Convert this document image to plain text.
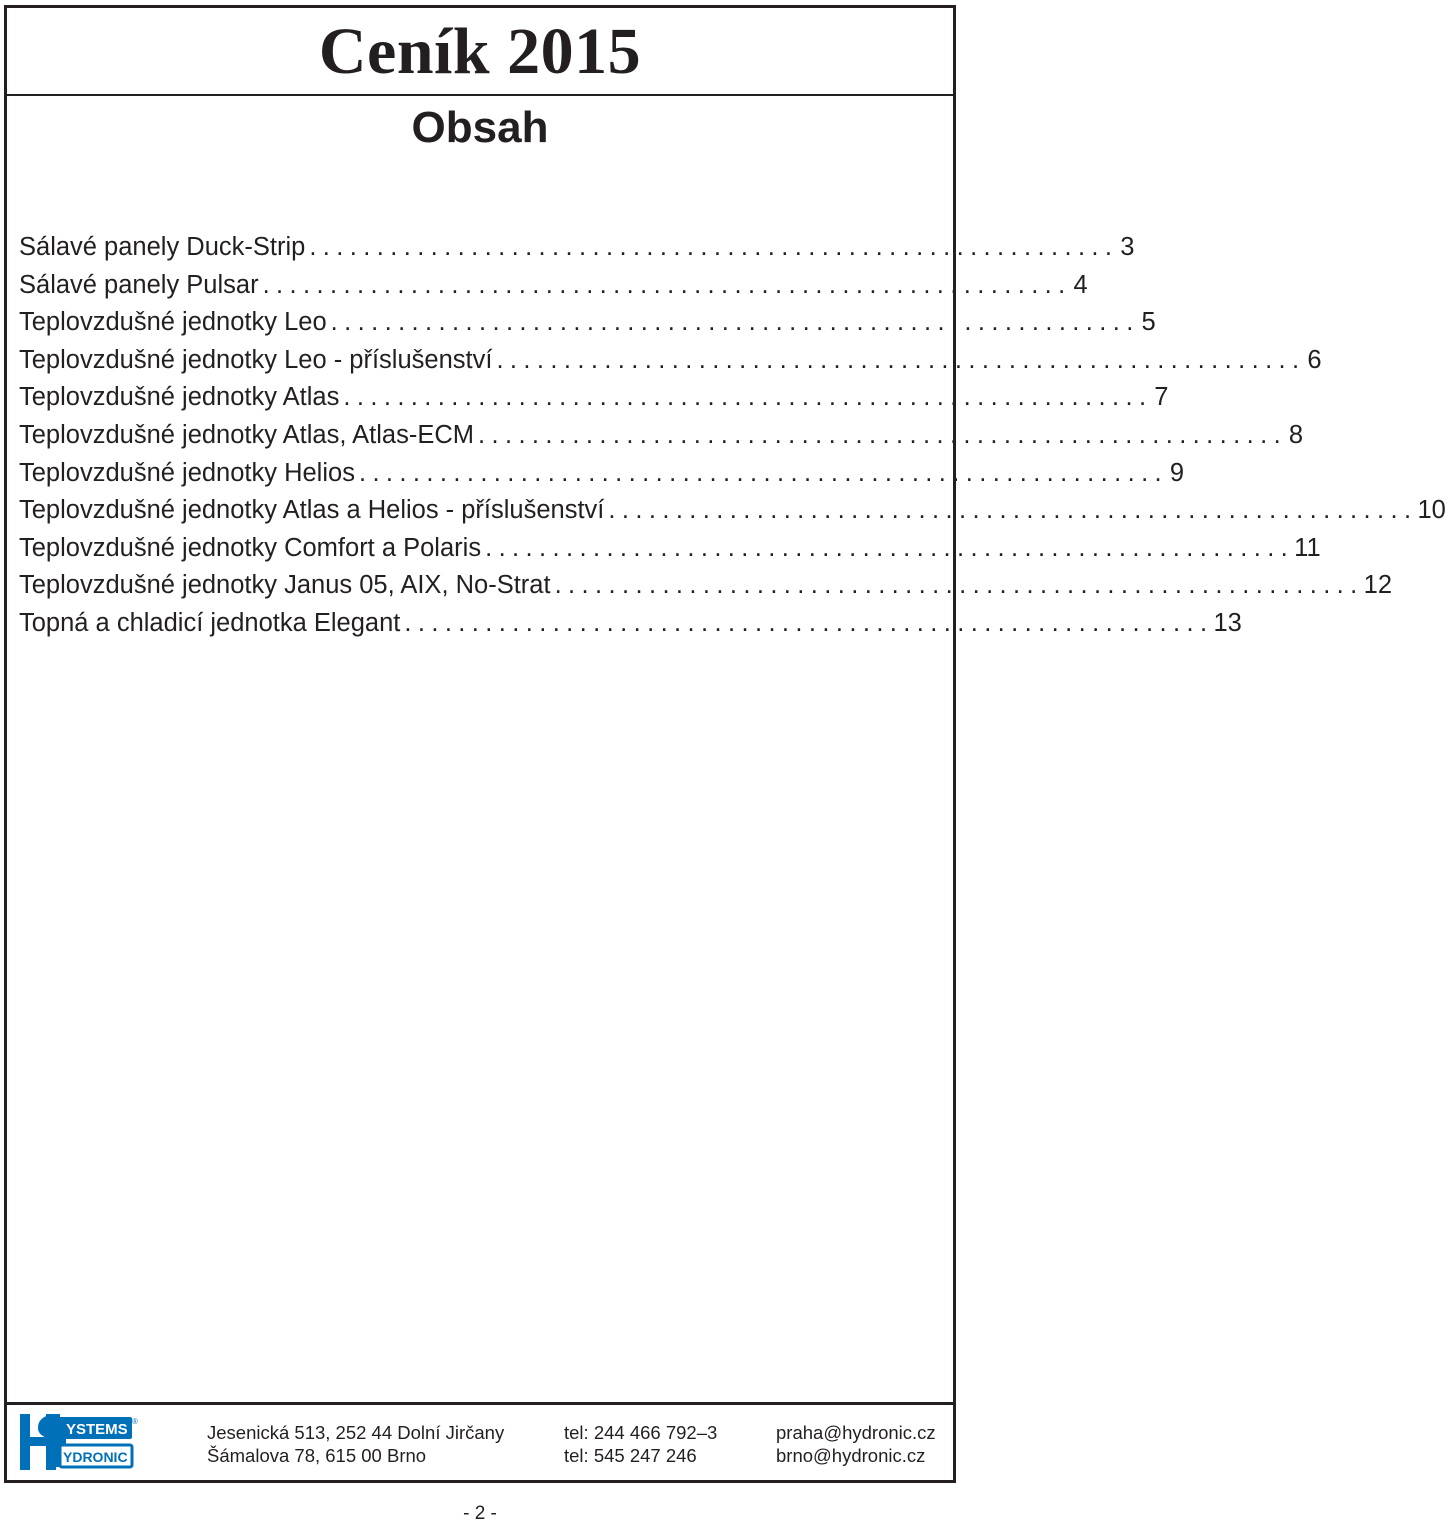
Ceník 2015
Obsah
Sálavé panely Duck-Strip ............................................................ 3
Sálavé panely Pulsar ............................................................ 4
Teplovzdušné jednotky Leo ............................................................ 5
Teplovzdušné jednotky Leo - příslušenství ............................................................ 6
Teplovzdušné jednotky Atlas ............................................................ 7
Teplovzdušné jednotky Atlas, Atlas-ECM ............................................................ 8
Teplovzdušné jednotky Helios ............................................................ 9
Teplovzdušné jednotky Atlas a Helios - příslušenství ............................................................ 10
Teplovzdušné jednotky Comfort a Polaris ............................................................ 11
Teplovzdušné jednotky Janus 05, AIX, No-Strat ............................................................ 12
Topná a chladicí jednotka Elegant ............................................................ 13
YSTEMS
YDRONIC
®
Jesenická 513, 252 44 Dolní Jirčany
Šámalova 78, 615 00 Brno
tel: 244 466 792–3
tel: 545 247 246
praha@hydronic.cz
brno@hydronic.cz
- 2 -
